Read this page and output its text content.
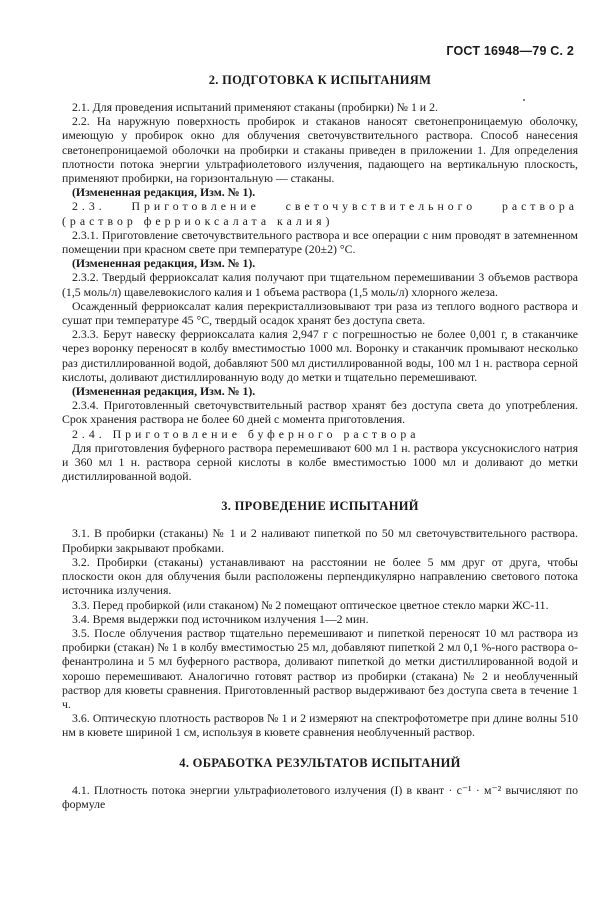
ГОСТ 16948—79 С. 2

2. ПОДГОТОВКА К ИСПЫТАНИЯМ

2.1. Для проведения испытаний применяют стаканы (пробирки) № 1 и 2.

2.2. На наружную поверхность пробирок и стаканов наносят светонепроницаемую оболочку, имеющую у пробирок окно для облучения светочувствительного раствора. Способ нанесения светонепроницаемой оболочки на пробирки и стаканы приведен в приложении 1. Для определения плотности потока энергии ультрафиолетового излучения, падающего на вертикальную плоскость, применяют пробирки, на горизонтальную — стаканы.

(Измененная редакция, Изм. № 1).

2.3. Приготовление светочувствительного раствора (раствор ферриоксалата калия)

2.3.1. Приготовление светочувствительного раствора и все операции с ним проводят в затемненном помещении при красном свете при температуре (20±2) °С.

(Измененная редакция, Изм. № 1).

2.3.2. Твердый ферриоксалат калия получают при тщательном перемешивании 3 объемов раствора (1,5 моль/л) щавелевокислого калия и 1 объема раствора (1,5 моль/л) хлорного железа.

Осажденный ферриоксалат калия перекристаллизовывают три раза из теплого водного раствора и сушат при температуре 45 °С, твердый осадок хранят без доступа света.

2.3.3. Берут навеску ферриоксалата калия 2,947 г с погрешностью не более 0,001 г, в стаканчике через воронку переносят в колбу вместимостью 1000 мл. Воронку и стаканчик промывают несколько раз дистиллированной водой, добавляют 500 мл дистиллированной воды, 100 мл 1 н. раствора серной кислоты, доливают дистиллированную воду до метки и тщательно перемешивают.

(Измененная редакция, Изм. № 1).

2.3.4. Приготовленный светочувствительный раствор хранят без доступа света до употребления. Срок хранения раствора не более 60 дней с момента приготовления.

2.4. Приготовление буферного раствора

Для приготовления буферного раствора перемешивают 600 мл 1 н. раствора уксуснокислого натрия и 360 мл 1 н. раствора серной кислоты в колбе вместимостью 1000 мл и доливают до метки дистиллированной водой.

3. ПРОВЕДЕНИЕ ИСПЫТАНИЙ

3.1. В пробирки (стаканы) № 1 и 2 наливают пипеткой по 50 мл светочувствительного раствора. Пробирки закрывают пробками.

3.2. Пробирки (стаканы) устанавливают на расстоянии не более 5 мм друг от друга, чтобы плоскости окон для облучения были расположены перпендикулярно направлению светового потока источника излучения.

3.3. Перед пробиркой (или стаканом) № 2 помещают оптическое цветное стекло марки ЖС-11.

3.4. Время выдержки под источником излучения 1—2 мин.

3.5. После облучения раствор тщательно перемешивают и пипеткой переносят 10 мл раствора из пробирки (стакан) № 1 в колбу вместимостью 25 мл, добавляют пипеткой 2 мл 0,1 %-ного раствора о-фенантролина и 5 мл буферного раствора, доливают пипеткой до метки дистиллированной водой и хорошо перемешивают. Аналогично готовят раствор из пробирки (стакана) № 2 и необлученный раствор для кюветы сравнения. Приготовленный раствор выдерживают без доступа света в течение 1 ч.

3.6. Оптическую плотность растворов № 1 и 2 измеряют на спектрофотометре при длине волны 510 нм в кювете шириной 1 см, используя в кювете сравнения необлученный раствор.

4. ОБРАБОТКА РЕЗУЛЬТАТОВ ИСПЫТАНИЙ

4.1. Плотность потока энергии ультрафиолетового излучения (I) в квант · с⁻¹ · м⁻² вычисляют по формуле
